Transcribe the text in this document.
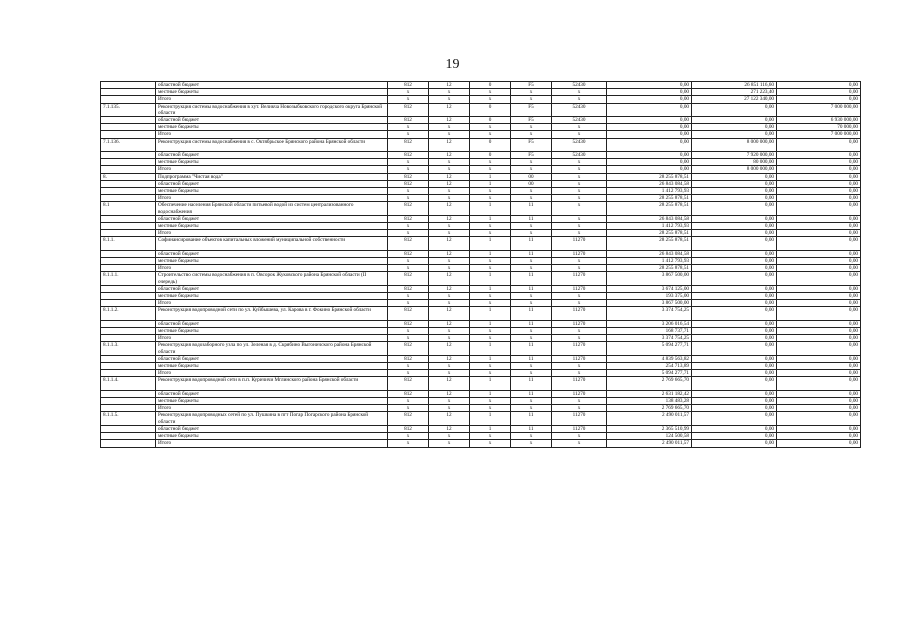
19
	областной бюджет	812	12	0	F5	52430	0,00	26 851 116,60	0,00
	местные бюджеты	x	x	x	x	x	0,00	271 223,40	0,00
	Итого	x	x	x	x	x	0,00	27 122 340,00	0,00
7.1.135.	Реконструкция системы водоснабжения в хут. Великча Новозыбковского городского округа Брянской области	812	12	0	F5	52430	0,00	0,00	7 000 000,00
	областной бюджет	812	12	0	F5	52430	0,00	0,00	6 930 000,00
	местные бюджеты	x	x	x	x	x	0,00	0,00	70 000,00
	Итого	x	x	x	x	x	0,00	0,00	7 000 000,00
7.1.136.	Реконструкция системы водоснабжения в с. Октябрьское Брянского района Брянской области	812	12	0	F5	52430	0,00	8 000 000,00	0,00
	областной бюджет	812	12	0	F5	52430	0,00	7 920 000,00	0,00
	местные бюджеты	x	x	x	x	x	0,00	80 000,00	0,00
	Итого	x	x	x	x	x	0,00	8 000 000,00	0,00
8.	Подпрограмма "Чистая вода"	812	12	1	00	x	28 255 878,51	0,00	0,00
	областной бюджет	812	12	1	00	x	26 843 084,58	0,00	0,00
	местные бюджеты	x	x	x	x	x	1 412 793,93	0,00	0,00
	Итого	x	x	x	x	x	28 255 878,51	0,00	0,00
8.1	Обеспечение населения Брянской области питьевой водой из систем централизованного водоснабжения	812	12	1	11	x	28 255 878,51	0,00	0,00
	областной бюджет	812	12	1	11	x	26 843 084,58	0,00	0,00
	местные бюджеты	x	x	x	x	x	1 412 793,93	0,00	0,00
	Итого	x	x	x	x	x	28 255 878,51	0,00	0,00
8.1.1.	Софинансирование объектов капитальных вложений муниципальной собственности	812	12	1	11	11270	28 255 878,51	0,00	0,00
	областной бюджет	812	12	1	11	11270	26 843 084,58	0,00	0,00
	местные бюджеты	x	x	x	x	x	1 412 793,93	0,00	0,00
	Итого	x	x	x	x	x	28 255 878,51	0,00	0,00
8.1.1.1.	Строительство системы водоснабжения в п. Овсорок Жуковского района Брянской области (II очередь)	812	12	1	11	11270	3 867 500,00	0,00	0,00
	областной бюджет	812	12	1	11	11270	3 674 125,00	0,00	0,00
	местные бюджеты	x	x	x	x	x	193 375,00	0,00	0,00
	Итого	x	x	x	x	x	3 867 500,00	0,00	0,00
8.1.1.2.	Реконструкция водопроводной сети по ул. Куйбышева, ул. Карова в г. Фокино Брянской области	812	12	1	11	11270	3 374 754,25	0,00	0,00
	областной бюджет	812	12	1	11	11270	3 206 016,54	0,00	0,00
	местные бюджеты	x	x	x	x	x	168 737,71	0,00	0,00
	Итого	x	x	x	x	x	3 374 754,25	0,00	0,00
8.1.1.3.	Реконструкция водозаборного узла по ул. Зеленая в д. Скрябино Выгоничского района Брянской области	812	12	1	11	11270	5 094 277,71	0,00	0,00
	областной бюджет	812	12	1	11	11270	4 839 563,82	0,00	0,00
	местные бюджеты	x	x	x	x	x	254 713,89	0,00	0,00
	Итого	x	x	x	x	x	5 094 277,71	0,00	0,00
8.1.1.4.	Реконструкция водопроводной сети в п.п. Куричичи Мглинского района Брянской области	812	12	1	11	11270	2 769 665,70	0,00	0,00
	областной бюджет	812	12	1	11	11270	2 631 182,42	0,00	0,00
	местные бюджеты	x	x	x	x	x	138 483,28	0,00	0,00
	Итого	x	x	x	x	x	2 769 665,70	0,00	0,00
8.1.1.5.	Реконструкция водопроводных сетей по ул. Пушкина в пгт Погар Погарского района Брянской области	812	12	1	11	11270	2 490 011,57	0,00	0,00
	областной бюджет	812	12	1	11	11270	2 365 510,99	0,00	0,00
	местные бюджеты	x	x	x	x	x	124 500,58	0,00	0,00
	Итого	x	x	x	x	x	2 490 011,57	0,00	0,00
